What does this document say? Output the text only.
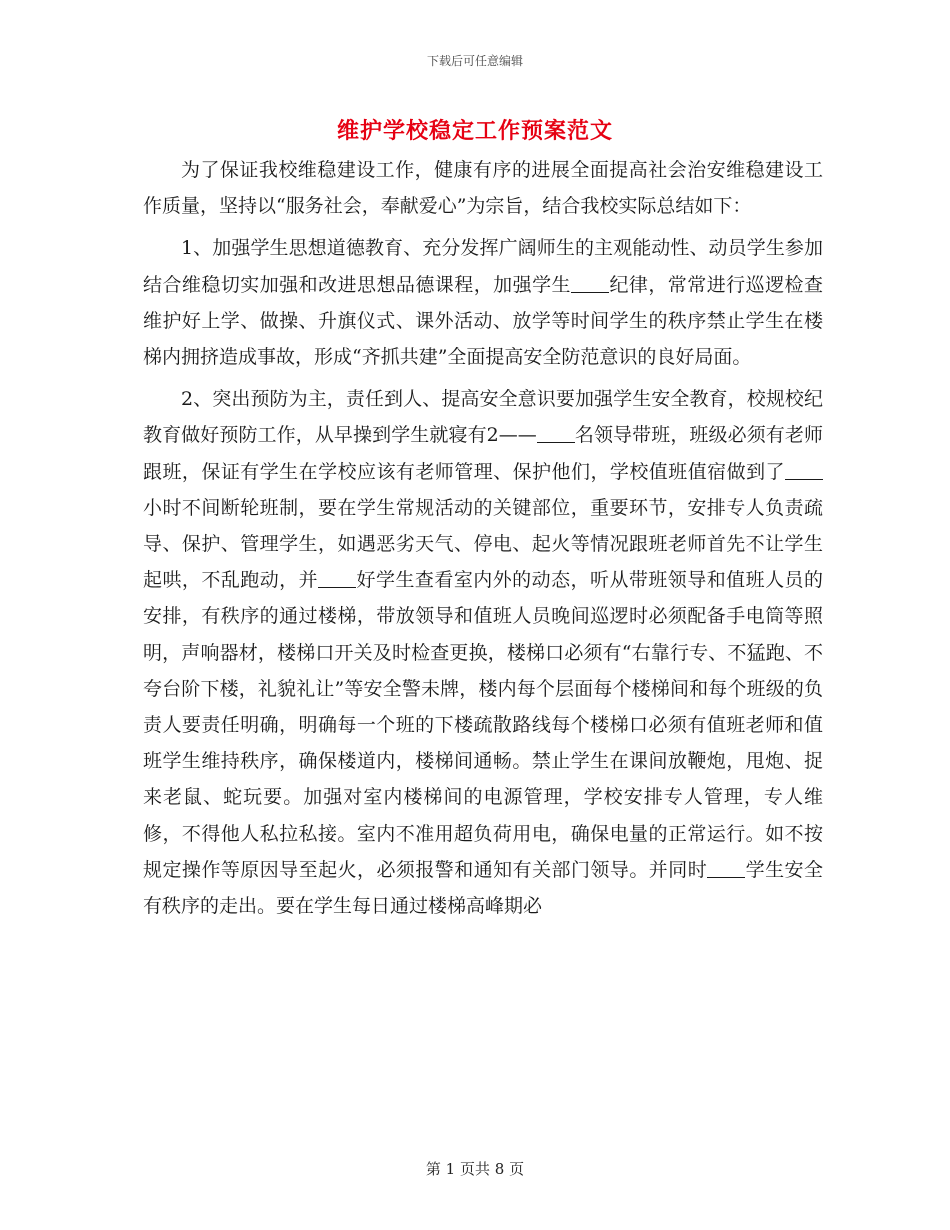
下载后可任意编辑
维护学校稳定工作预案范文

为了保证我校维稳建设工作，健康有序的进展全面提高社会治安维稳建设工作质量，坚持以“服务社会，奉献爱心”为宗旨，结合我校实际总结如下：

1、加强学生思想道德教育、充分发挥广阔师生的主观能动性、动员学生参加结合维稳切实加强和改进思想品德课程，加强学生 纪律，常常进行巡逻检查维护好上学、做操、升旗仪式、课外活动、放学等时间学生的秩序禁止学生在楼梯内拥挤造成事故，形成“齐抓共建”全面提高安全防范意识的良好局面。

2、突出预防为主，责任到人、提高安全意识要加强学生安全教育，校规校纪教育做好预防工作，从早操到学生就寝有2—— 名领导带班，班级必须有老师跟班，保证有学生在学校应该有老师管理、保护他们，学校值班值宿做到了小时不间断轮班制，要在学生常规活动的关键部位，重要环节，安排专人负责疏导、保护、管理学生，如遇恶劣天气、停电、起火等情况跟班老师首先不让学生起哄，不乱跑动，并 好学生查看室内外的动态，听从带班领导和值班人员的安排，有秩序的通过楼梯，带放领导和值班人员晚间巡逻时必须配备手电筒等照明，声响器材，楼梯口开关及时检查更换，楼梯口必须有“右靠行专、不猛跑、不夸台阶下楼，礼貌礼让”等安全警未牌，楼内每个层面每个楼梯间和每个班级的负责人要责任明确，明确每一个班的下楼疏散路线每个楼梯口必须有值班老师和值班学生维持秩序，确保楼道内，楼梯间通畅。禁止学生在课间放鞭炮，甩炮、捉来老鼠、蛇玩要。加强对室内楼梯间的电源管理，学校安排专人管理，专人维修，不得他人私拉私接。室内不准用超负荷用电，确保电量的正常运行。如不按规定操作等原因导至起火，必须报警和通知有关部门领导。并同时 学生安全有秩序的走出。要在学生每日通过楼梯高峰期必

第 1 页共 8 页
